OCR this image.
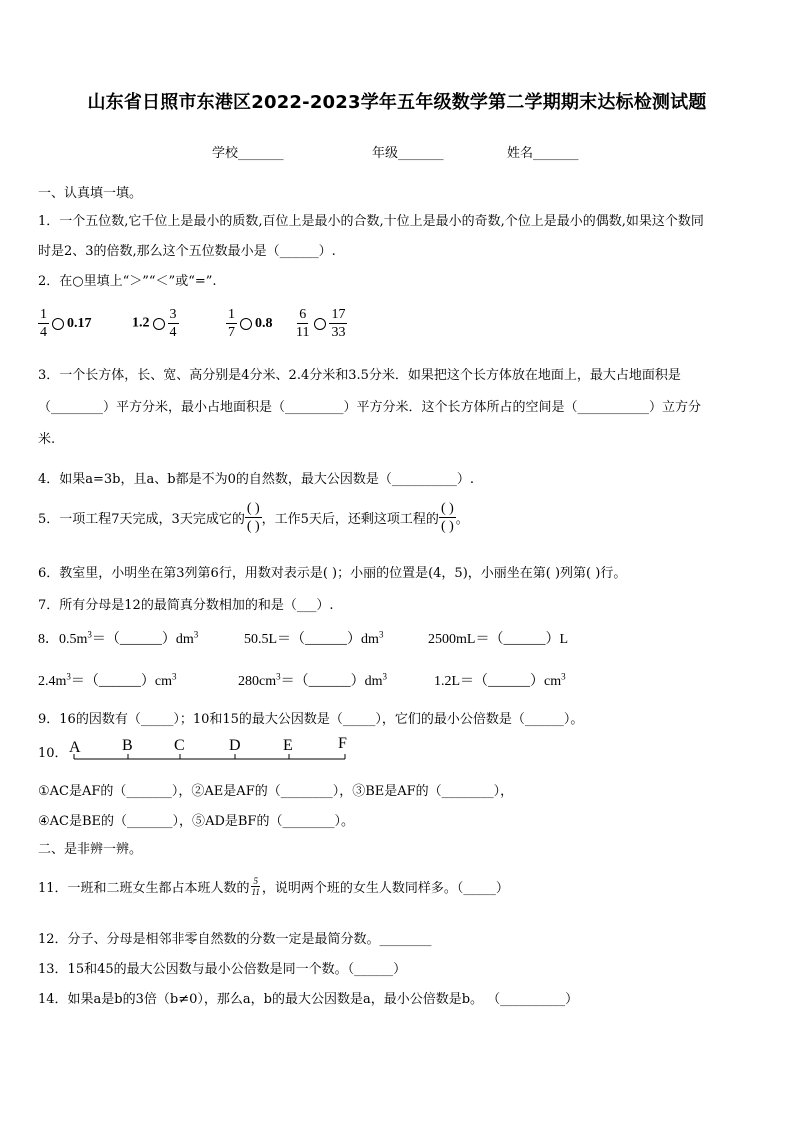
山东省日照市东港区2022-2023学年五年级数学第二学期期末达标检测试题
学校_______	年级_______	姓名_______
一、认真填一填。
1．一个五位数,它千位上是最小的质数,百位上是最小的合数,十位上是最小的奇数,个位上是最小的偶数,如果这个数同
时是2、3的倍数,那么这个五位数最小是（______）.
2．在○里填上“＞”“＜”或“=”.
$\frac{1}{4} 0.17$	$1.2 \frac{3}{4}$	$\frac{1}{7} 0.8 \frac{6}{11} \frac{17}{33}$
3．一个长方体，长、宽、高分别是4分米、2.4分米和3.5分米．如果把这个长方体放在地面上，最大占地面积是
（________）平方分米，最小占地面积是（_________）平方分米．这个长方体所占的空间是（___________）立方分
米.
4．如果a=3b，且a、b都是不为0的自然数，最大公因数是（__________）.
5．一项工程7天完成，3天完成它的 $\frac{( )}{( )}$ ，工作5天后，还剩这项工程的 $\frac{( )}{( )}$ 。
6．教室里，小明坐在第3列第6行，用数对表示是( )；小丽的位置是(4，5)，小丽坐在第( )列第( )行。
7．所有分母是12的最简真分数相加的和是（___）.
8．$0.5m^3=(\_\_\_\_\_\_)dm^3$	$50.5L=(\_\_\_\_\_\_)dm^3$	2500mL＝（______）L
$2.4m^3=(\_\_\_\_\_\_)cm^3$	$280cm^3=(\_\_\_\_\_\_)dm^3$	$1.2L=(\_\_\_\_\_\_)cm^3$
9．16的因数有（_____）；10和15的最大公因数是（_____），它们的最小公倍数是（______）。
10． A	B	C	D	E	F
①AC是AF的（_______），②AE是AF的（________），③BE是AF的（________），
④AC是BE的（_______），⑤AD是BF的（________）。
二、是非辨一辨。
11．一班和二班女生都占本班人数的 $\frac{5}{11}$ ，说明两个班的女生人数同样多。（_____）
12．分子、分母是相邻非零自然数的分数一定是最简分数。________
13．15和45的最大公因数与最小公倍数是同一个数。（______）
14．如果a是b的3倍（b≠0），那么a，b的最大公因数是a，最小公倍数是b。 （__________）
